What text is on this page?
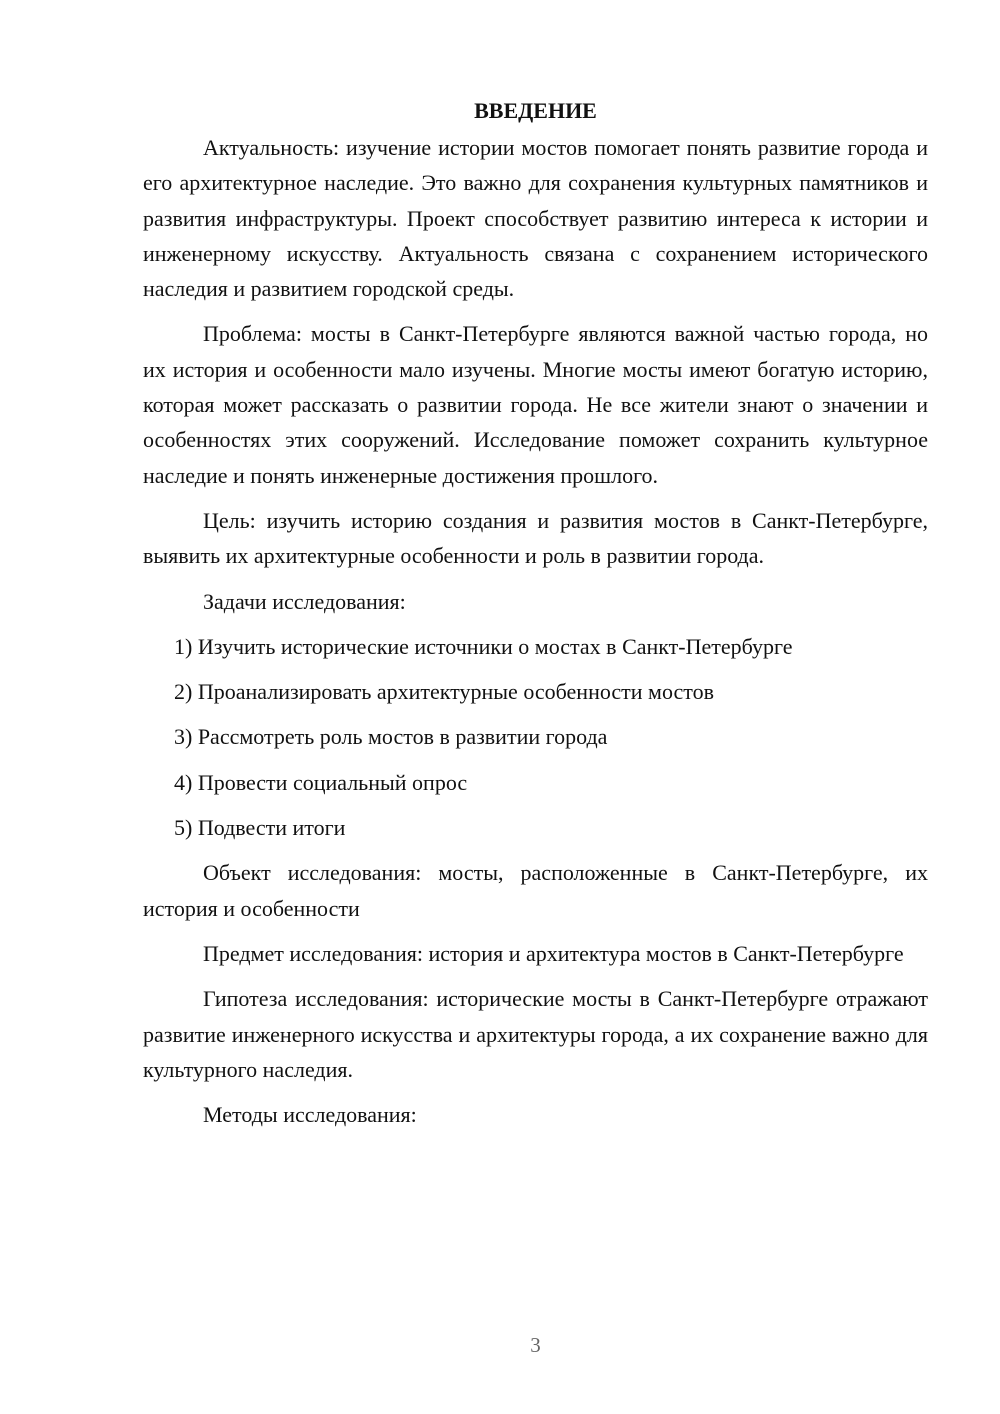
ВВЕДЕНИЕ

Актуальность: изучение истории мостов помогает понять развитие города и его архитектурное наследие. Это важно для сохранения культурных памятников и развития инфраструктуры. Проект способствует развитию интереса к истории и инженерному искусству. Актуальность связана с сохранением исторического наследия и развитием городской среды.

Проблема: мосты в Санкт-Петербурге являются важной частью города, но их история и особенности мало изучены. Многие мосты имеют богатую историю, которая может рассказать о развитии города. Не все жители знают о значении и особенностях этих сооружений. Исследование поможет сохранить культурное наследие и понять инженерные достижения прошлого.

Цель: изучить историю создания и развития мостов в Санкт-Петербурге, выявить их архитектурные особенности и роль в развитии города.

Задачи исследования:

1) Изучить исторические источники о мостах в Санкт-Петербурге
2) Проанализировать архитектурные особенности мостов
3) Рассмотреть роль мостов в развитии города
4) Провести социальный опрос
5) Подвести итоги

Объект исследования: мосты, расположенные в Санкт-Петербурге, их история и особенности

Предмет исследования: история и архитектура мостов в Санкт-Петербурге

Гипотеза исследования: исторические мосты в Санкт-Петербурге отражают развитие инженерного искусства и архитектуры города, а их сохранение важно для культурного наследия.

Методы исследования:

3
